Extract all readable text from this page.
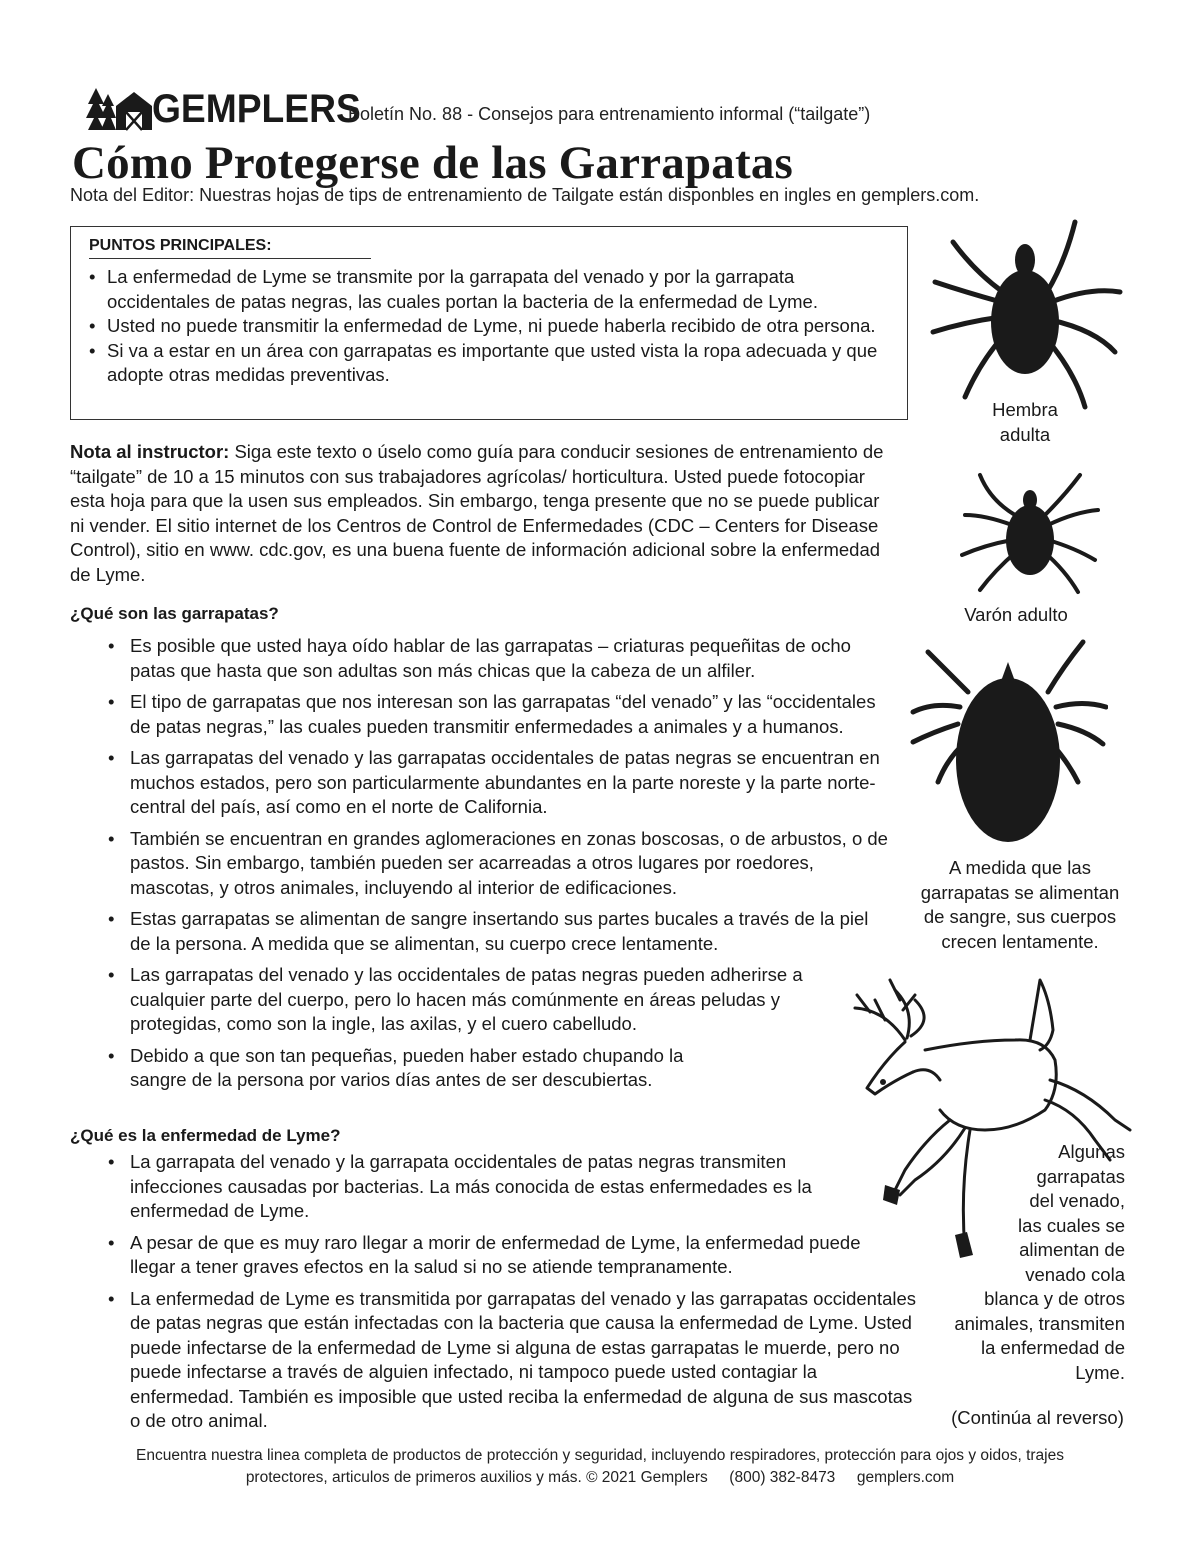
GEMPLERS
Boletín No. 88 - Consejos para entrenamiento informal (“tailgate”)
Cómo Protegerse de las Garrapatas
Nota del Editor: Nuestras hojas de tips de entrenamiento de Tailgate están disponbles en ingles en gemplers.com.
PUNTOS PRINCIPALES:
• La enfermedad de Lyme se transmite por la garrapata del venado y por la garrapata occidentales de patas negras, las cuales portan la bacteria de la enfermedad de Lyme.
• Usted no puede transmitir la enfermedad de Lyme, ni puede haberla recibido de otra persona.
• Si va a estar en un área con garrapatas es importante que usted vista la ropa adecuada y que adopte otras medidas preventivas.

Nota al instructor: Siga este texto o úselo como guía para conducir sesiones de entrenamiento de “tailgate” de 10 a 15 minutos con sus trabajadores agrícolas/ horticultura. Usted puede fotocopiar esta hoja para que la usen sus empleados. Sin embargo, tenga presente que no se puede publicar ni vender. El sitio internet de los Centros de Control de Enfermedades (CDC – Centers for Disease Control), sitio en www. cdc.gov, es una buena fuente de información adicional sobre la enfermedad de Lyme.

¿Qué son las garrapatas?
• Es posible que usted haya oído hablar de las garrapatas – criaturas pequeñitas de ocho patas que hasta que son adultas son más chicas que la cabeza de un alfiler.
• El tipo de garrapatas que nos interesan son las garrapatas “del venado” y las “occidentales de patas negras,” las cuales pueden transmitir enfermedades a animales y a humanos.
• Las garrapatas del venado y las garrapatas occidentales de patas negras se encuentran en muchos estados, pero son particularmente abundantes en la parte noreste y la parte norte-central del país, así como en el norte de California.
• También se encuentran en grandes aglomeraciones en zonas boscosas, o de arbustos, o de pastos. Sin embargo, también pueden ser acarreadas a otros lugares por roedores, mascotas, y otros animales, incluyendo al interior de edificaciones.
• Estas garrapatas se alimentan de sangre insertando sus partes bucales a través de la piel de la persona. A medida que se alimentan, su cuerpo crece lentamente.
• Las garrapatas del venado y las occidentales de patas negras pueden adherirse a cualquier parte del cuerpo, pero lo hacen más comúnmente en áreas peludas y protegidas, como son la ingle, las axilas, y el cuero cabelludo.
• Debido a que son tan pequeñas, pueden haber estado chupando la sangre de la persona por varios días antes de ser descubiertas.
¿Qué es la enfermedad de Lyme?
• La garrapata del venado y la garrapata occidentales de patas negras transmiten infecciones causadas por bacterias. La más conocida de estas enfermedades es la enfermedad de Lyme.
• A pesar de que es muy raro llegar a morir de enfermedad de Lyme, la enfermedad puede llegar a tener graves efectos en la salud si no se atiende tempranamente.
• La enfermedad de Lyme es transmitida por garrapatas del venado y las garrapatas occidentales de patas negras que están infectadas con la bacteria que causa la enfermedad de Lyme. Usted puede infectarse de la enfermedad de Lyme si alguna de estas garrapatas le muerde, pero no puede infectarse a través de alguien infectado, ni tampoco puede usted contagiar la enfermedad. También es imposible que usted reciba la enfermedad de alguna de sus mascotas o de otro animal.
Hembra
adulta
Varón adulto
A medida que las
garrapatas se alimentan
de sangre, sus cuerpos
crecen lentamente.
Algunas
garrapatas
del venado,
las cuales se
alimentan de
venado cola
blanca y de otros
animales, transmiten
la enfermedad de
Lyme.
(Continúa al reverso)
Encuentra nuestra linea completa de productos de protección y seguridad, incluyendo respiradores, protección para ojos y oidos, trajes
protectores, articulos de primeros auxilios y más. © 2021 Gemplers     (800) 382-8473     gemplers.com
